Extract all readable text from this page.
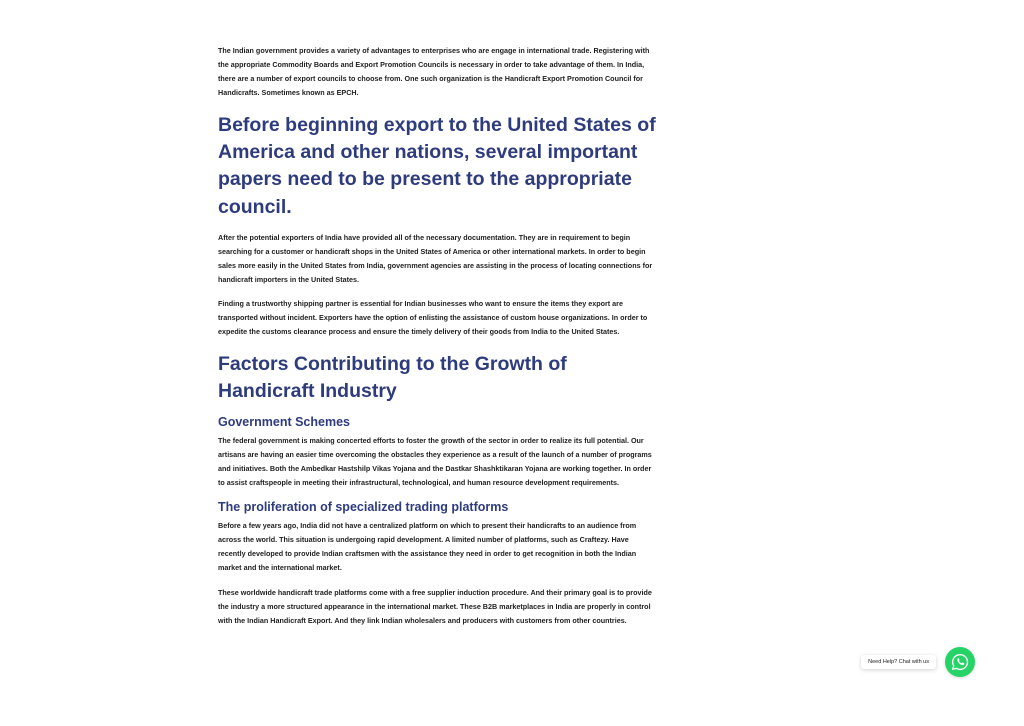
The Indian government provides a variety of advantages to enterprises who are engage in international trade. Registering with the appropriate Commodity Boards and Export Promotion Councils is necessary in order to take advantage of them. In India, there are a number of export councils to choose from. One such organization is the Handicraft Export Promotion Council for Handicrafts. Sometimes known as EPCH.

Before beginning export to the United States of America and other nations, several important papers need to be present to the appropriate council.

After the potential exporters of India have provided all of the necessary documentation. They are in requirement to begin searching for a customer or handicraft shops in the United States of America or other international markets. In order to begin sales more easily in the United States from India, government agencies are assisting in the process of locating connections for handicraft importers in the United States.

Finding a trustworthy shipping partner is essential for Indian businesses who want to ensure the items they export are transported without incident. Exporters have the option of enlisting the assistance of custom house organizations. In order to expedite the customs clearance process and ensure the timely delivery of their goods from India to the United States.

Factors Contributing to the Growth of Handicraft Industry
Government Schemes

The federal government is making concerted efforts to foster the growth of the sector in order to realize its full potential. Our artisans are having an easier time overcoming the obstacles they experience as a result of the launch of a number of programs and initiatives. Both the Ambedkar Hastshilp Vikas Yojana and the Dastkar Shashktikaran Yojana are working together. In order to assist craftspeople in meeting their infrastructural, technological, and human resource development requirements.

The proliferation of specialized trading platforms

Before a few years ago, India did not have a centralized platform on which to present their handicrafts to an audience from across the world. This situation is undergoing rapid development. A limited number of platforms, such as Craftezy. Have recently developed to provide Indian craftsmen with the assistance they need in order to get recognition in both the Indian market and the international market.

These worldwide handicraft trade platforms come with a free supplier induction procedure. And their primary goal is to provide the industry a more structured appearance in the international market. These B2B marketplaces in India are properly in control with the Indian Handicraft Export. And they link Indian wholesalers and producers with customers from other countries.

Need Help? Chat with us
